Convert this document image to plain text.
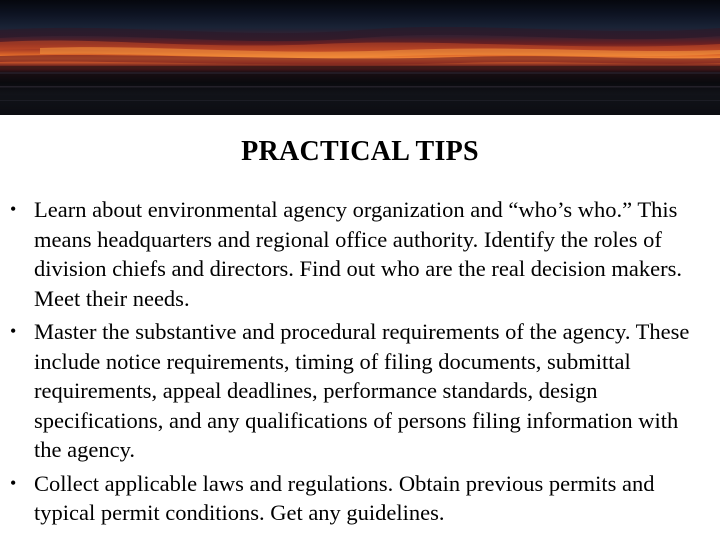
PRACTICAL TIPS
• Learn about environmental agency organization and “who’s who.” This means headquarters and regional office authority. Identify the roles of division chiefs and directors. Find out who are the real decision makers. Meet their needs.
• Master the substantive and procedural requirements of the agency. These include notice requirements, timing of filing documents, submittal requirements, appeal deadlines, performance standards, design specifications, and any qualifications of persons filing information with the agency.
• Collect applicable laws and regulations. Obtain previous permits and typical permit conditions. Get any guidelines.
